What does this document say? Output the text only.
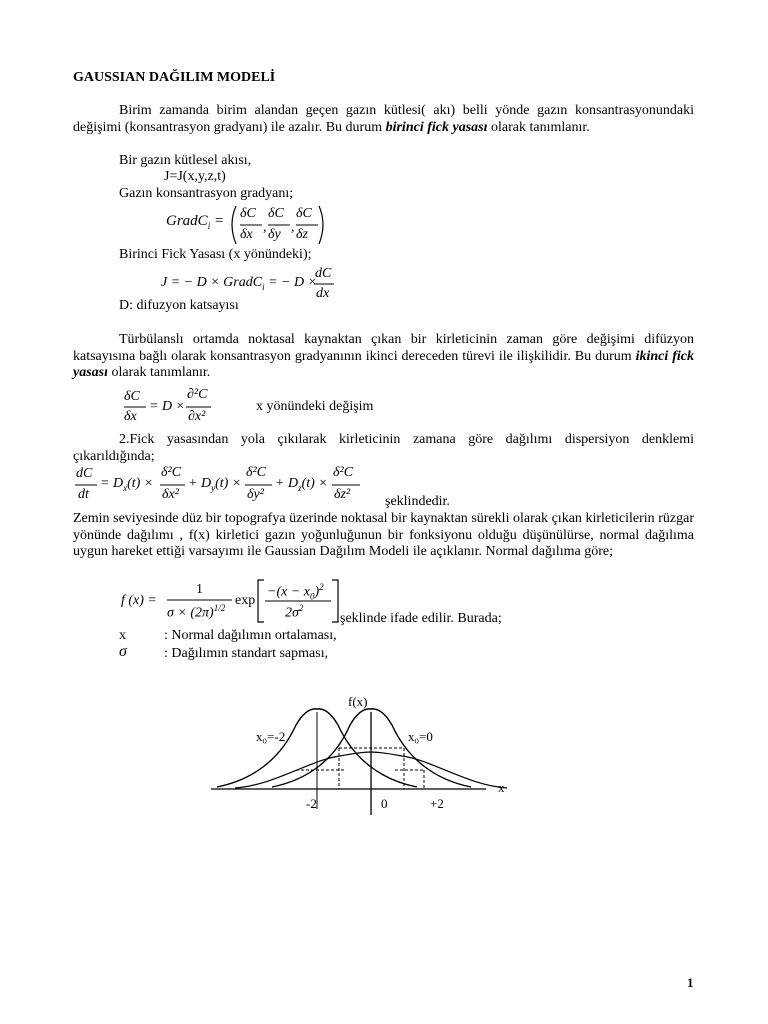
GAUSSIAN DAĞILIM MODELİ
Birim zamanda birim alandan geçen gazın kütlesi( akı) belli yönde gazın konsantrasyonundaki değişimi (konsantrasyon gradyanı) ile azalır. Bu durum birinci fick yasası olarak tanımlanır.
Bir gazın kütlesel akısı,
J=J(x,y,z,t)
Gazın konsantrasyon gradyanı;
GradC$_i$ = δC
δx ,
δC
δy ,
δC
δz
Birinci Fick Yasası (x yönündeki);
J = − D × GradC$_i$ = − D ×
dC
dx
D: difuzyon katsayısı
Türbülanslı ortamda noktasal kaynaktan çıkan bir kirleticinin zaman göre değişimi difüzyon katsayısına bağlı olarak konsantrasyon gradyanının ikinci dereceden türevi ile ilişkilidir. Bu durum ikinci fick yasası olarak tanımlanır.
δC
δx
= D ×
∂²C
∂x²
x yönündeki değişim
2.Fick yasasından yola çıkılarak kirleticinin zamana göre dağılımı dispersiyon denklemi çıkarıldığında;
dC
dt
= $D_x(t)$ ×
δ²C
δx²
+ $D_y(t)$ ×
δ²C
δy²
+ $D_z(t)$ ×
δ²C
δz² şeklindedir.
Zemin seviyesinde düz bir topografya üzerinde noktasal bir kaynaktan sürekli olarak çıkan kirleticilerin rüzgar yönünde dağılımı , f(x) kirletici gazın yoğunluğunun bir fonksiyonu olduğu düşünülürse, normal dağılıma uygun hareket ettiği varsayımı ile Gaussian Dağılım Modeli ile açıklanır. Normal dağılıma göre;
f (x) =
1
$\sigma \times (2\pi)^{1/2}$ exp
$-(x - x_0)^2$
$2\sigma^2$
şeklinde ifade edilir. Burada;
x	: Normal dağılımın ortalaması,
σ	: Dağılımın standart sapması,
f(x)
x
x₀=-2	x₀=0
-2	0	+2
1
